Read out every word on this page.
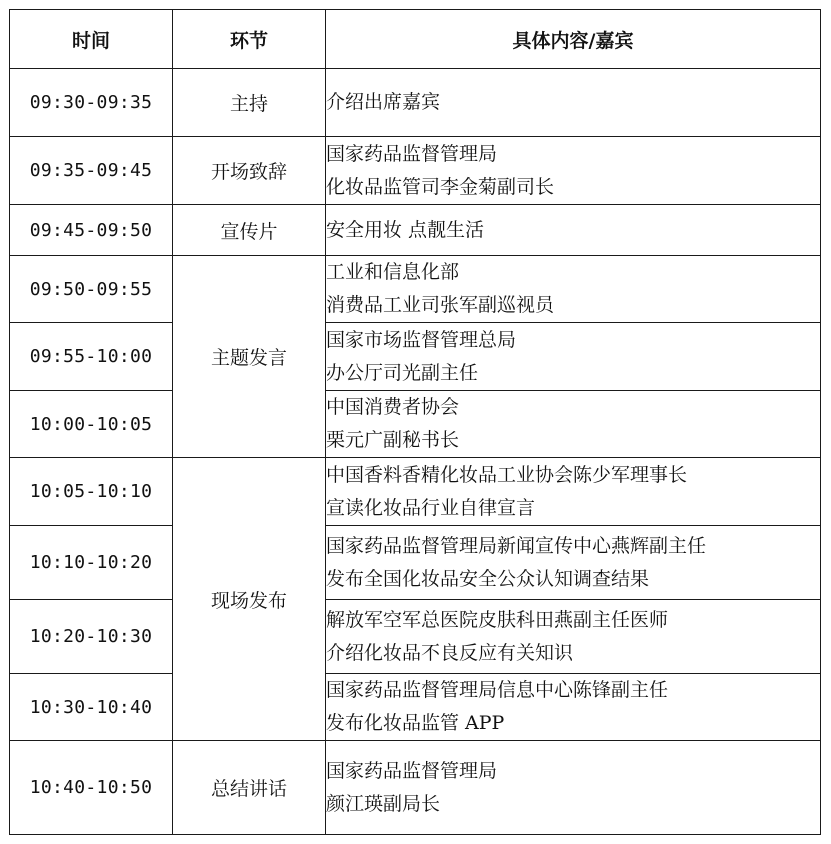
时间	环节	具体内容/嘉宾
09:30-09:35	主持	介绍出席嘉宾

09:35-09:45	开场致辞	国家药品监督管理局
化妆品监管司李金菊副司长

09:45-09:50	宣传片	安全用妆 点靓生活

09:50-09:55	主题发言	工业和信息化部
消费品工业司张军副巡视员

09:55-10:00		国家市场监督管理总局
办公厅司光副主任

10:00-10:05		中国消费者协会
栗元广副秘书长

10:05-10:10	现场发布	中国香料香精化妆品工业协会陈少军理事长
宣读化妆品行业自律宣言

10:10-10:20		国家药品监督管理局新闻宣传中心燕辉副主任
发布全国化妆品安全公众认知调查结果

10:20-10:30		解放军空军总医院皮肤科田燕副主任医师
介绍化妆品不良反应有关知识

10:30-10:40		国家药品监督管理局信息中心陈锋副主任
发布化妆品监管 APP

10:40-10:50	总结讲话	国家药品监督管理局
颜江瑛副局长
